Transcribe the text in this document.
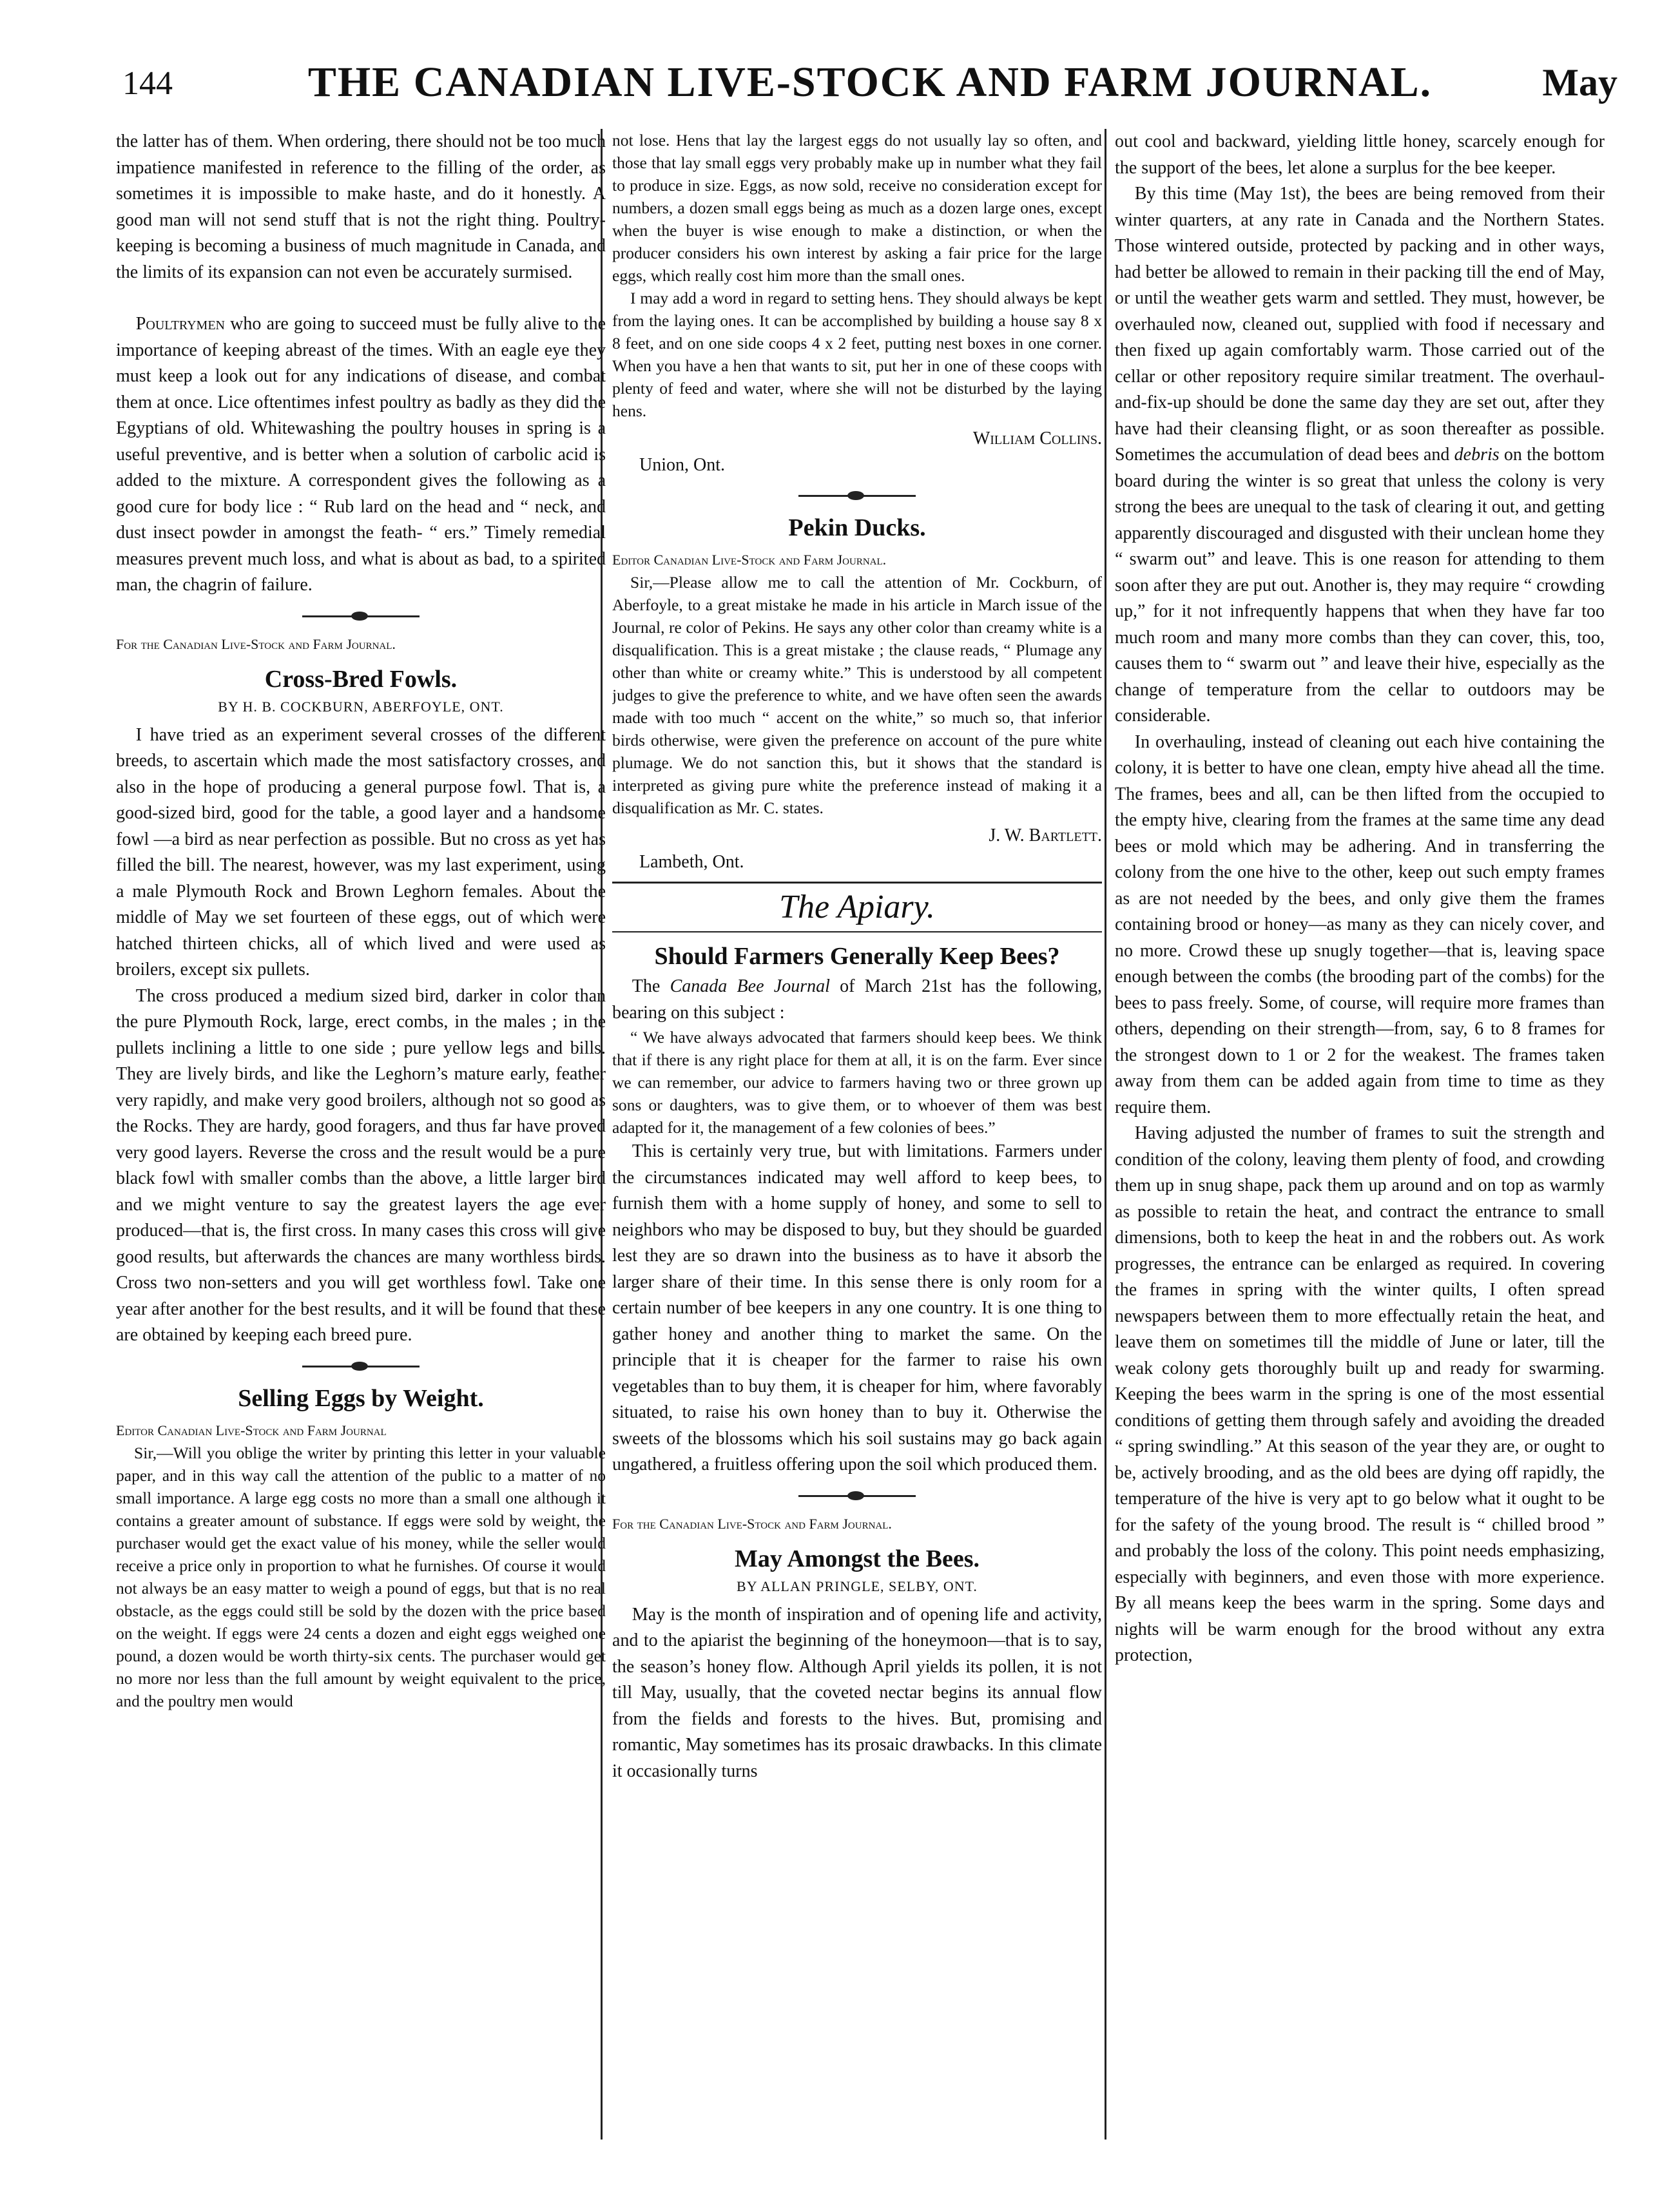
144	THE CANADIAN LIVE-STOCK AND FARM JOURNAL.	May

the latter has of them. When ordering, there should not be too much impatience manifested in reference to the filling of the order, as sometimes it is impossible to make haste, and do it honestly. A good man will not send stuff that is not the right thing. Poultry-keeping is becoming a business of much magnitude in Canada, and the limits of its expansion can not even be accurately surmised.

Poultrymen who are going to succeed must be fully alive to the importance of keeping abreast of the times. With an eagle eye they must keep a look out for any indications of disease, and combat them at once. Lice oftentimes infest poultry as badly as they did the Egyptians of old. Whitewashing the poultry houses in spring is a useful preventive, and is better when a solution of carbolic acid is added to the mixture. A correspondent gives the following as a good cure for body lice : “ Rub lard on the head and “ neck, and dust insect powder in amongst the feath- “ ers.” Timely remedial measures prevent much loss, and what is about as bad, to a spirited man, the chagrin of failure.

For the Canadian Live-Stock and Farm Journal.
Cross-Bred Fowls.
BY H. B. COCKBURN, ABERFOYLE, ONT.

I have tried as an experiment several crosses of the different breeds, to ascertain which made the most satisfactory crosses, and also in the hope of producing a general purpose fowl. That is, a good-sized bird, good for the table, a good layer and a handsome fowl —a bird as near perfection as possible. But no cross as yet has filled the bill. The nearest, however, was my last experiment, using a male Plymouth Rock and Brown Leghorn females. About the middle of May we set fourteen of these eggs, out of which were hatched thirteen chicks, all of which lived and were used as broilers, except six pullets.

The cross produced a medium sized bird, darker in color than the pure Plymouth Rock, large, erect combs, in the males ; in the pullets inclining a little to one side ; pure yellow legs and bills. They are lively birds, and like the Leghorn’s mature early, feather very rapidly, and make very good broilers, although not so good as the Rocks. They are hardy, good foragers, and thus far have proved very good layers. Reverse the cross and the result would be a pure black fowl with smaller combs than the above, a little larger bird and we might venture to say the greatest layers the age ever produced—that is, the first cross. In many cases this cross will give good results, but afterwards the chances are many worthless birds. Cross two non-setters and you will get worthless fowl. Take one year after another for the best results, and it will be found that these are obtained by keeping each breed pure.

Selling Eggs by Weight.
Editor Canadian Live-Stock and Farm Journal

Sir,—Will you oblige the writer by printing this letter in your valuable paper, and in this way call the attention of the public to a matter of no small importance. A large egg costs no more than a small one although it contains a greater amount of substance. If eggs were sold by weight, the purchaser would get the exact value of his money, while the seller would receive a price only in proportion to what he furnishes. Of course it would not always be an easy matter to weigh a pound of eggs, but that is no real obstacle, as the eggs could still be sold by the dozen with the price based on the weight. If eggs were 24 cents a dozen and eight eggs weighed one pound, a dozen would be worth thirty-six cents. The purchaser would get no more nor less than the full amount by weight equivalent to the price, and the poultry men would

not lose. Hens that lay the largest eggs do not usually lay so often, and those that lay small eggs very probably make up in number what they fail to produce in size. Eggs, as now sold, receive no consideration except for numbers, a dozen small eggs being as much as a dozen large ones, except when the buyer is wise enough to make a distinction, or when the producer considers his own interest by asking a fair price for the large eggs, which really cost him more than the small ones.

I may add a word in regard to setting hens. They should always be kept from the laying ones. It can be accomplished by building a house say 8 x 8 feet, and on one side coops 4 x 2 feet, putting nest boxes in one corner. When you have a hen that wants to sit, put her in one of these coops with plenty of feed and water, where she will not be disturbed by the laying hens.

William Collins.
Union, Ont.
Pekin Ducks.
Editor Canadian Live-Stock and Farm Journal.

Sir,—Please allow me to call the attention of Mr. Cockburn, of Aberfoyle, to a great mistake he made in his article in March issue of the Journal, re color of Pekins. He says any other color than creamy white is a disqualification. This is a great mistake ; the clause reads, “ Plumage any other than white or creamy white.” This is understood by all competent judges to give the preference to white, and we have often seen the awards made with too much “ accent on the white,” so much so, that inferior birds otherwise, were given the preference on account of the pure white plumage. We do not sanction this, but it shows that the standard is interpreted as giving pure white the preference instead of making it a disqualification as Mr. C. states.

J. W. Bartlett.
Lambeth, Ont.
The Apiary.
Should Farmers Generally Keep Bees?

The Canada Bee Journal of March 21st has the following, bearing on this subject :

“ We have always advocated that farmers should keep bees. We think that if there is any right place for them at all, it is on the farm. Ever since we can remember, our advice to farmers having two or three grown up sons or daughters, was to give them, or to whoever of them was best adapted for it, the management of a few colonies of bees.”

This is certainly very true, but with limitations. Farmers under the circumstances indicated may well afford to keep bees, to furnish them with a home supply of honey, and some to sell to neighbors who may be disposed to buy, but they should be guarded lest they are so drawn into the business as to have it absorb the larger share of their time. In this sense there is only room for a certain number of bee keepers in any one country. It is one thing to gather honey and another thing to market the same. On the principle that it is cheaper for the farmer to raise his own vegetables than to buy them, it is cheaper for him, where favorably situated, to raise his own honey than to buy it. Otherwise the sweets of the blossoms which his soil sustains may go back again ungathered, a fruitless offering upon the soil which produced them.

For the Canadian Live-Stock and Farm Journal.
May Amongst the Bees.
BY ALLAN PRINGLE, SELBY, ONT.

May is the month of inspiration and of opening life and activity, and to the apiarist the beginning of the honeymoon—that is to say, the season’s honey flow. Although April yields its pollen, it is not till May, usually, that the coveted nectar begins its annual flow from the fields and forests to the hives. But, promising and romantic, May sometimes has its prosaic drawbacks. In this climate it occasionally turns

out cool and backward, yielding little honey, scarcely enough for the support of the bees, let alone a surplus for the bee keeper.

By this time (May 1st), the bees are being removed from their winter quarters, at any rate in Canada and the Northern States. Those wintered outside, protected by packing and in other ways, had better be allowed to remain in their packing till the end of May, or until the weather gets warm and settled. They must, however, be overhauled now, cleaned out, supplied with food if necessary and then fixed up again comfortably warm. Those carried out of the cellar or other repository require similar treatment. The overhaul-and-fix-up should be done the same day they are set out, after they have had their cleansing flight, or as soon thereafter as possible. Sometimes the accumulation of dead bees and debris on the bottom board during the winter is so great that unless the colony is very strong the bees are unequal to the task of clearing it out, and getting apparently discouraged and disgusted with their unclean home they “ swarm out” and leave. This is one reason for attending to them soon after they are put out. Another is, they may require “ crowding up,” for it not infrequently happens that when they have far too much room and many more combs than they can cover, this, too, causes them to “ swarm out ” and leave their hive, especially as the change of temperature from the cellar to outdoors may be considerable.

In overhauling, instead of cleaning out each hive containing the colony, it is better to have one clean, empty hive ahead all the time. The frames, bees and all, can be then lifted from the occupied to the empty hive, clearing from the frames at the same time any dead bees or mold which may be adhering. And in transferring the colony from the one hive to the other, keep out such empty frames as are not needed by the bees, and only give them the frames containing brood or honey—as many as they can nicely cover, and no more. Crowd these up snugly together—that is, leaving space enough between the combs (the brooding part of the combs) for the bees to pass freely. Some, of course, will require more frames than others, depending on their strength—from, say, 6 to 8 frames for the strongest down to 1 or 2 for the weakest. The frames taken away from them can be added again from time to time as they require them.

Having adjusted the number of frames to suit the strength and condition of the colony, leaving them plenty of food, and crowding them up in snug shape, pack them up around and on top as warmly as possible to retain the heat, and contract the entrance to small dimensions, both to keep the heat in and the robbers out. As work progresses, the entrance can be enlarged as required. In covering the frames in spring with the winter quilts, I often spread newspapers between them to more effectually retain the heat, and leave them on sometimes till the middle of June or later, till the weak colony gets thoroughly built up and ready for swarming. Keeping the bees warm in the spring is one of the most essential conditions of getting them through safely and avoiding the dreaded “ spring swindling.” At this season of the year they are, or ought to be, actively brooding, and as the old bees are dying off rapidly, the temperature of the hive is very apt to go below what it ought to be for the safety of the young brood. The result is “ chilled brood ” and probably the loss of the colony. This point needs emphasizing, especially with beginners, and even those with more experience. By all means keep the bees warm in the spring. Some days and nights will be warm enough for the brood without any extra protection,
